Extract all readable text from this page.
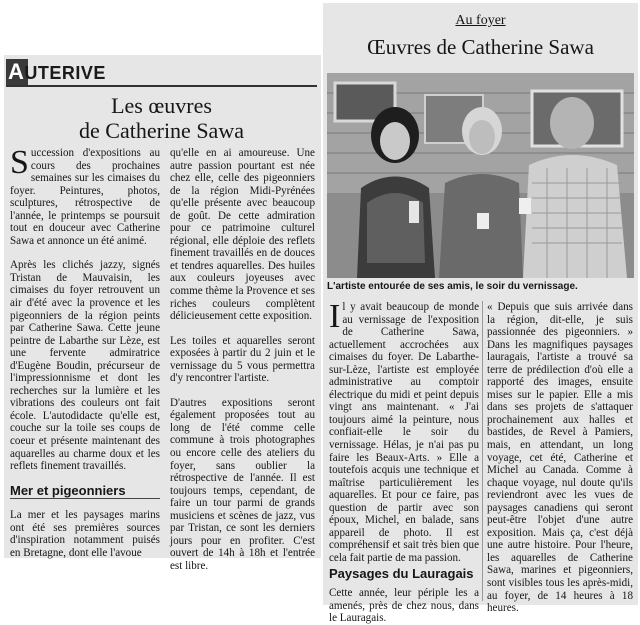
AUTERIVE
Les œuvres
de Catherine Sawa

Succession d'expositions au cours des prochaines semaines sur les cimaises du foyer. Peintures, photos, sculptures, rétrospective de l'année, le printemps se poursuit tout en douceur avec Catherine Sawa et annonce un été animé.

Après les clichés jazzy, signés Tristan de Mauvaisin, les cimaises du foyer retrouvent un air d'été avec la provence et les pigeonniers de la région peints par Catherine Sawa. Cette jeune peintre de Labarthe sur Lèze, est une fervente admiratrice d'Eugène Boudin, précurseur de l'impressionnisme et dont les recherches sur la lumière et les vibrations des couleurs ont fait école. L'autodidacte qu'elle est, couche sur la toile ses coups de coeur et présente maintenant des aquarelles au charme doux et les reflets finement travaillés.

Mer et pigeonniers

La mer et les paysages marins ont été ses premières sources d'inspiration notamment puisés en Bretagne, dont elle l'avoue

qu'elle en ai amoureuse. Une autre passion pourtant est née chez elle, celle des pigeonniers de la région Midi-Pyrénées qu'elle présente avec beaucoup de goût. De cette admiration pour ce patrimoine culturel régional, elle déploie des reflets finement travaillés en de douces et tendres aquarelles. Des huiles aux couleurs joyeuses avec comme thème la Provence et ses riches couleurs complètent délicieusement cette exposition.

Les toiles et aquarelles seront exposées à partir du 2 juin et le vernissage du 5 vous permettra d'y rencontrer l'artiste.

D'autres expositions seront également proposées tout au long de l'été comme celle commune à trois photographes ou encore celle des ateliers du foyer, sans oublier la rétrospective de l'année. Il est toujours temps, cependant, de faire un tour parmi de grands musiciens et scènes de jazz, vus par Tristan, ce sont les derniers jours pour en profiter. C'est ouvert de 14h à 18h et l'entrée est libre.

Au foyer
Œuvres de Catherine Sawa
L'artiste entourée de ses amis, le soir du vernissage.

Il y avait beaucoup de monde au vernissage de l'exposition de Catherine Sawa, actuellement accrochées aux cimaises du foyer. De Labarthe-sur-Lèze, l'artiste est employée administrative au comptoir électrique du midi et peint depuis vingt ans maintenant. « J'ai toujours aimé la peinture, nous confiait-elle le soir du vernissage. Hélas, je n'ai pas pu faire les Beaux-Arts. » Elle a toutefois acquis une technique et maîtrise particulièrement les aquarelles. Et pour ce faire, pas question de partir avec son époux, Michel, en balade, sans appareil de photo. Il est compréhensif et sait très bien que cela fait partie de ma passion.

Paysages du Lauragais

Cette année, leur périple les a amenés, près de chez nous, dans le Lauragais.

« Depuis que suis arrivée dans la région, dit-elle, je suis passionnée des pigeonniers. » Dans les magnifiques paysages lauragais, l'artiste a trouvé sa terre de prédilection d'où elle a rapporté des images, ensuite mises sur le papier. Elle a mis dans ses projets de s'attaquer prochainement aux halles et bastides, de Revel à Pamiers, mais, en attendant, un long voyage, cet été, Catherine et Michel au Canada. Comme à chaque voyage, nul doute qu'ils reviendront avec les vues de paysages canadiens qui seront peut-être l'objet d'une autre exposition. Mais ça, c'est déjà une autre histoire. Pour l'heure, les aquarelles de Catherine Sawa, marines et pigeonniers, sont visibles tous les après-midi, au foyer, de 14 heures à 18 heures.
